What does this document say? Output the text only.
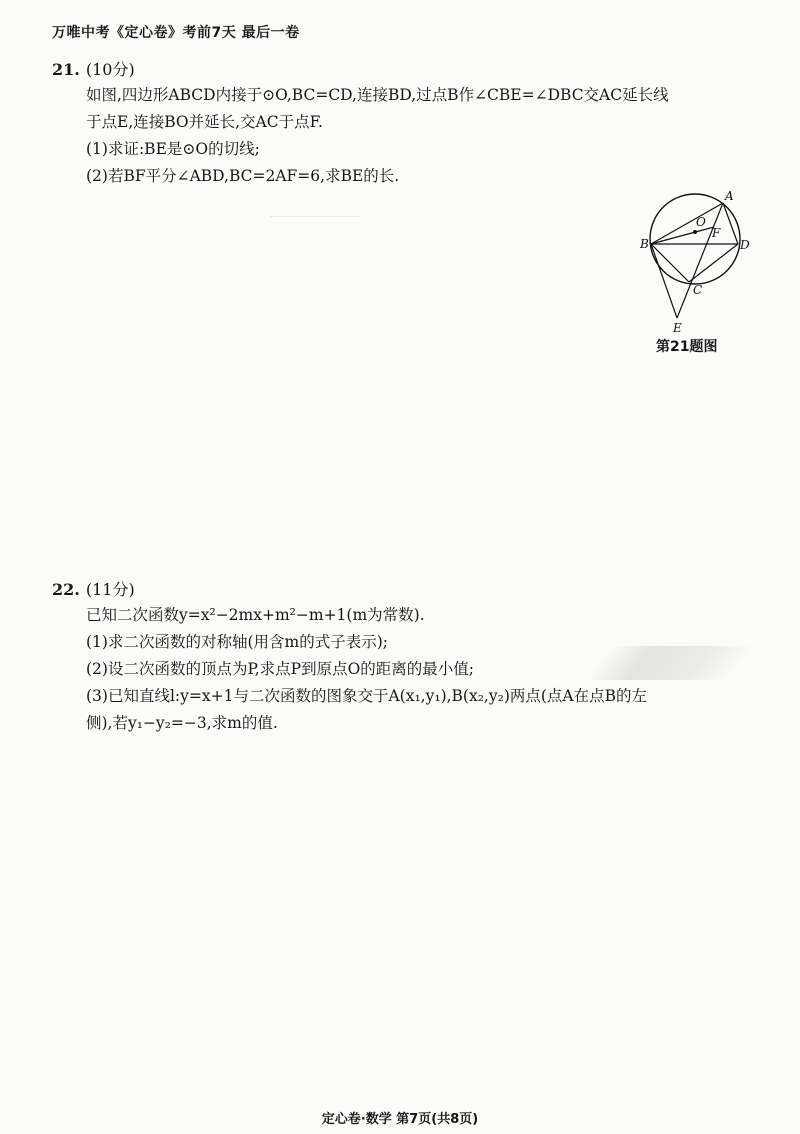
万唯中考《定心卷》考前7天 最后一卷
21. (10分)
如图,四边形ABCD内接于⊙O,BC=CD,连接BD,过点B作∠CBE=∠DBC交AC延长线
于点E,连接BO并延长,交AC于点F.
(1)求证:BE是⊙O的切线;
(2)若BF平分∠ABD,BC=2AF=6,求BE的长.
A
B
C
D
E
O
F
第21题图
22. (11分)
已知二次函数y=x²−2mx+m²−m+1(m为常数).
(1)求二次函数的对称轴(用含m的式子表示);
(2)设二次函数的顶点为P,求点P到原点O的距离的最小值;
(3)已知直线l:y=x+1与二次函数的图象交于A(x₁,y₁),B(x₂,y₂)两点(点A在点B的左
侧),若y₁−y₂=−3,求m的值.
定心卷·数学 第7页(共8页)
